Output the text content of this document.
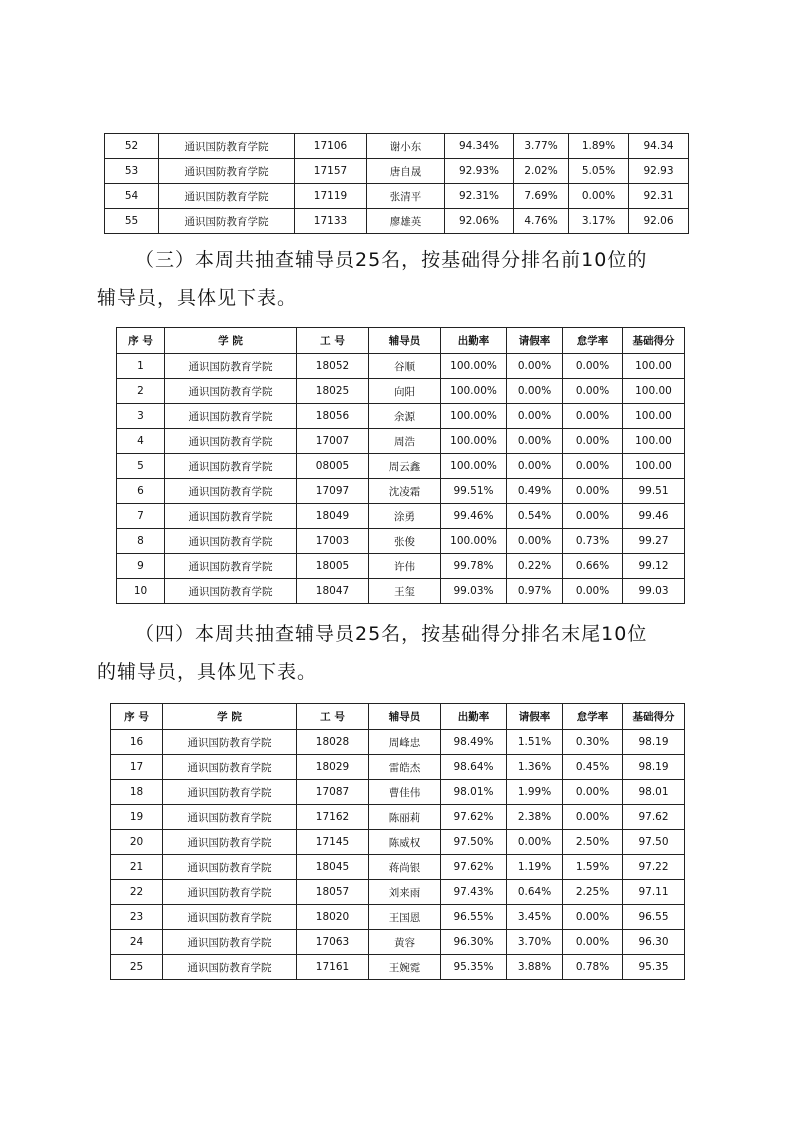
52	通识国防教育学院	17106	谢小东	94.34%	3.77%	1.89%	94.34
53	通识国防教育学院	17157	唐自晟	92.93%	2.02%	5.05%	92.93
54	通识国防教育学院	17119	张清平	92.31%	7.69%	0.00%	92.31
55	通识国防教育学院	17133	廖雄英	92.06%	4.76%	3.17%	92.06
（三）本周共抽查辅导员25名，按基础得分排名前10位的
辅导员，具体见下表。
序 号	学 院	工 号	辅导员	出勤率	请假率	怠学率	基础得分
1	通识国防教育学院	18052	谷顺	100.00%	0.00%	0.00%	100.00
2	通识国防教育学院	18025	向阳	100.00%	0.00%	0.00%	100.00
3	通识国防教育学院	18056	余源	100.00%	0.00%	0.00%	100.00
4	通识国防教育学院	17007	周浩	100.00%	0.00%	0.00%	100.00
5	通识国防教育学院	08005	周云鑫	100.00%	0.00%	0.00%	100.00
6	通识国防教育学院	17097	沈凌霜	99.51%	0.49%	0.00%	99.51
7	通识国防教育学院	18049	涂勇	99.46%	0.54%	0.00%	99.46
8	通识国防教育学院	17003	张俊	100.00%	0.00%	0.73%	99.27
9	通识国防教育学院	18005	许伟	99.78%	0.22%	0.66%	99.12
10	通识国防教育学院	18047	王玺	99.03%	0.97%	0.00%	99.03
（四）本周共抽查辅导员25名，按基础得分排名末尾10位
的辅导员，具体见下表。
序 号	学 院	工 号	辅导员	出勤率	请假率	怠学率	基础得分
16	通识国防教育学院	18028	周峰忠	98.49%	1.51%	0.30%	98.19
17	通识国防教育学院	18029	雷皓杰	98.64%	1.36%	0.45%	98.19
18	通识国防教育学院	17087	曹佳伟	98.01%	1.99%	0.00%	98.01
19	通识国防教育学院	17162	陈丽莉	97.62%	2.38%	0.00%	97.62
20	通识国防教育学院	17145	陈威权	97.50%	0.00%	2.50%	97.50
21	通识国防教育学院	18045	蒋尚银	97.62%	1.19%	1.59%	97.22
22	通识国防教育学院	18057	刘来雨	97.43%	0.64%	2.25%	97.11
23	通识国防教育学院	18020	王国恩	96.55%	3.45%	0.00%	96.55
24	通识国防教育学院	17063	黄容	96.30%	3.70%	0.00%	96.30
25	通识国防教育学院	17161	王婉霓	95.35%	3.88%	0.78%	95.35
